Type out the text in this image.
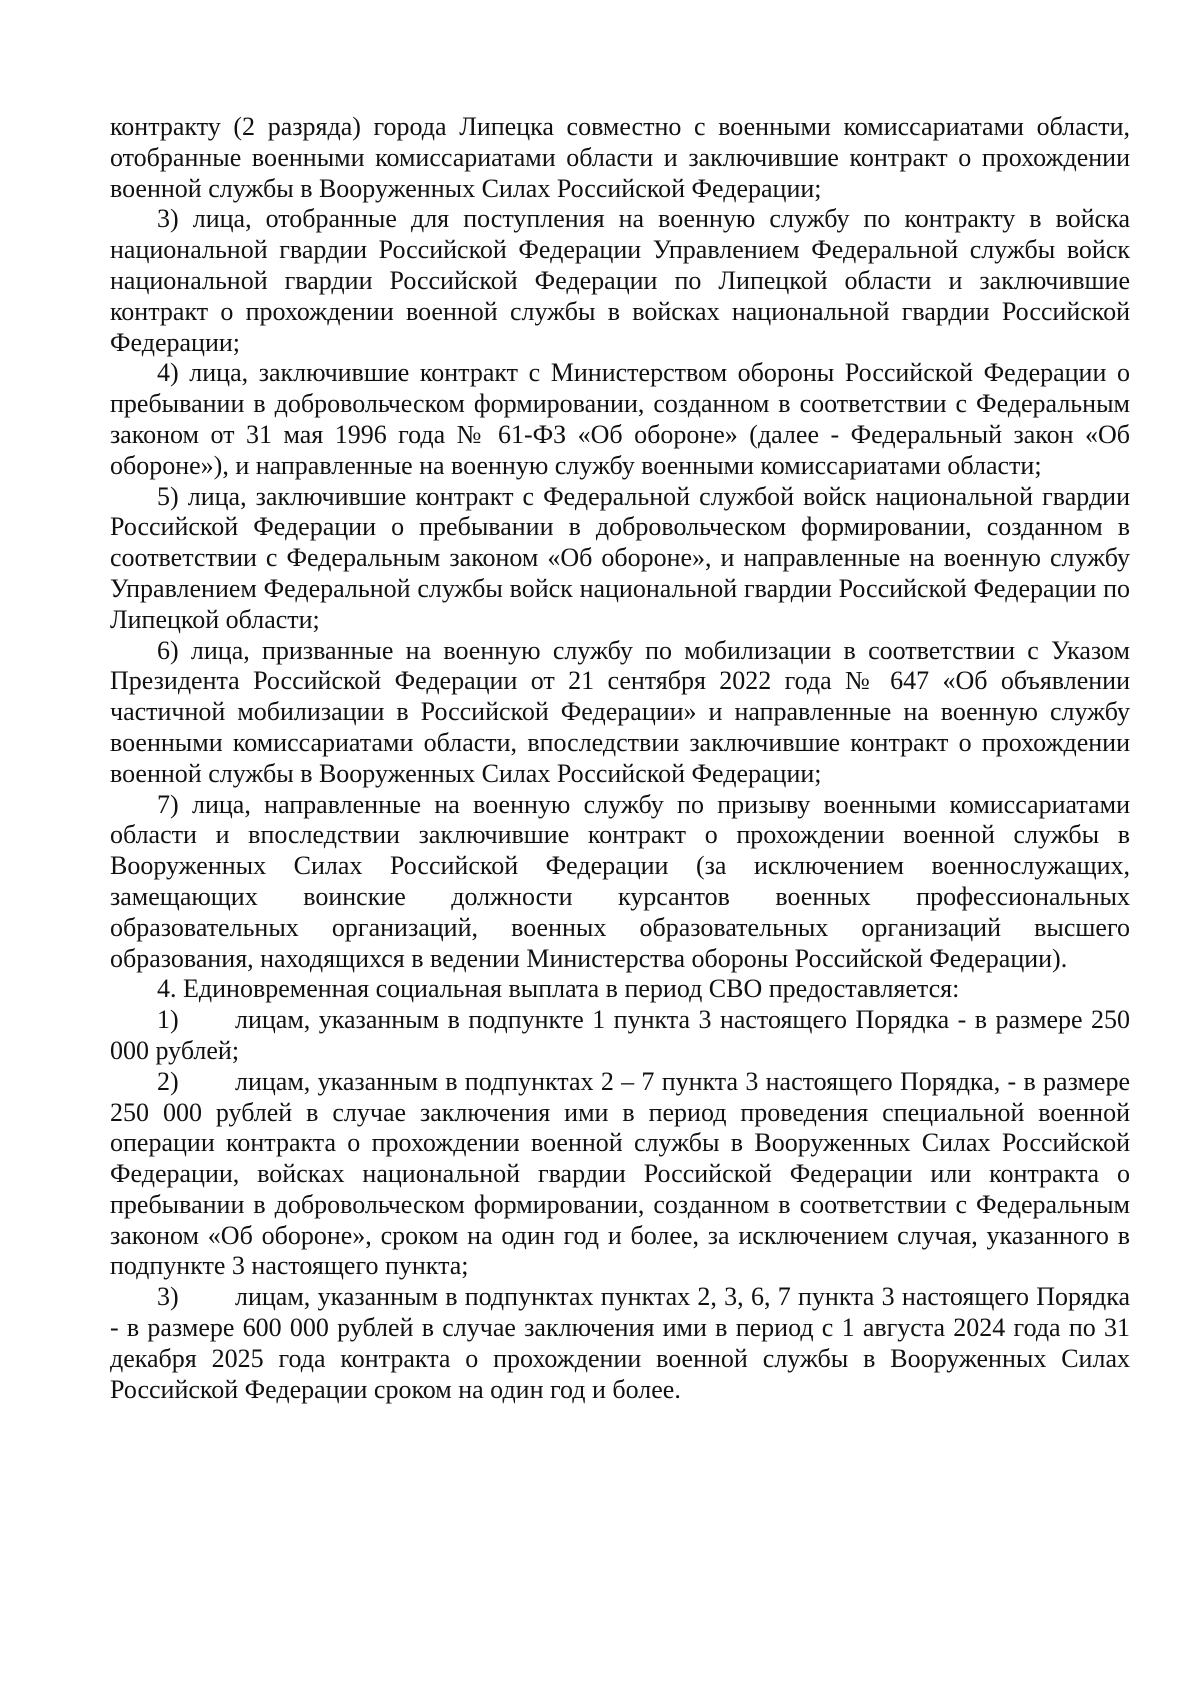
контракту (2 разряда) города Липецка совместно с военными комиссариатами области, отобранные военными комиссариатами области и заключившие контракт о прохождении военной службы в Вооруженных Силах Российской Федерации;

3) лица, отобранные для поступления на военную службу по контракту в войска национальной гвардии Российской Федерации Управлением Федеральной службы войск национальной гвардии Российской Федерации по Липецкой области и заключившие контракт о прохождении военной службы в войсках национальной гвардии Российской Федерации;

4) лица, заключившие контракт с Министерством обороны Российской Федерации о пребывании в добровольческом формировании, созданном в соответствии с Федеральным законом от 31 мая 1996 года № 61-ФЗ «Об обороне» (далее - Федеральный закон «Об обороне»), и направленные на военную службу военными комиссариатами области;

5) лица, заключившие контракт с Федеральной службой войск национальной гвардии Российской Федерации о пребывании в добровольческом формировании, созданном в соответствии с Федеральным законом «Об обороне», и направленные на военную службу Управлением Федеральной службы войск национальной гвардии Российской Федерации по Липецкой области;

6) лица, призванные на военную службу по мобилизации в соответствии с Указом Президента Российской Федерации от 21 сентября 2022 года № 647 «Об объявлении частичной мобилизации в Российской Федерации» и направленные на военную службу военными комиссариатами области, впоследствии заключившие контракт о прохождении военной службы в Вооруженных Силах Российской Федерации;

7) лица, направленные на военную службу по призыву военными комиссариатами области и впоследствии заключившие контракт о прохождении военной службы в Вооруженных Силах Российской Федерации (за исключением военнослужащих, замещающих воинские должности курсантов военных профессиональных образовательных организаций, военных образовательных организаций высшего образования, находящихся в ведении Министерства обороны Российской Федерации).

4. Единовременная социальная выплата в период СВО предоставляется:

1) лицам, указанным в подпункте 1 пункта 3 настоящего Порядка - в размере 250 000 рублей;

2) лицам, указанным в подпунктах 2 – 7 пункта 3 настоящего Порядка, - в размере 250 000 рублей в случае заключения ими в период проведения специальной военной операции контракта о прохождении военной службы в Вооруженных Силах Российской Федерации, войсках национальной гвардии Российской Федерации или контракта о пребывании в добровольческом формировании, созданном в соответствии с Федеральным законом «Об обороне», сроком на один год и более, за исключением случая, указанного в подпункте 3 настоящего пункта;

3) лицам, указанным в подпунктах пунктах 2, 3, 6, 7 пункта 3 настоящего Порядка - в размере 600 000 рублей в случае заключения ими в период с 1 августа 2024 года по 31 декабря 2025 года контракта о прохождении военной службы в Вооруженных Силах Российской Федерации сроком на один год и более.
